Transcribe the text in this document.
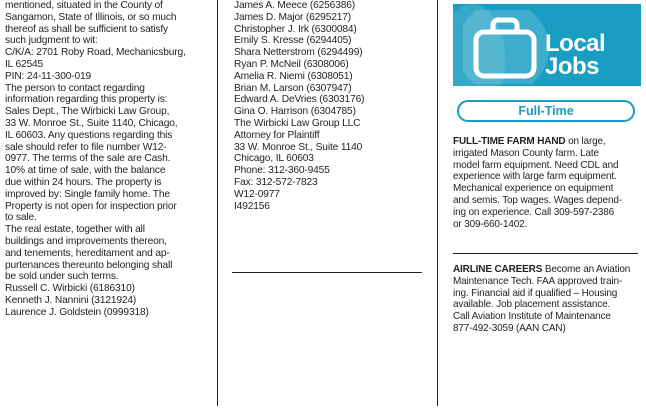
mentioned, situated in the County of
Sangamon, State of Illinois, or so much
thereof as shall be sufficient to satisfy
such judgment to wit:
C/K/A: 2701 Roby Road, Mechanicsburg,
IL 62545
PIN: 24-11-300-019
The person to contact regarding
information regarding this property is:
Sales Dept., The Wirbicki Law Group,
33 W. Monroe St., Suite 1140, Chicago,
IL 60603. Any questions regarding this
sale should refer to file number W12-
0977. The terms of the sale are Cash.
10% at time of sale, with the balance
due within 24 hours. The property is
improved by: Single family home. The
Property is not open for inspection prior
to sale.
The real estate, together with all
buildings and improvements thereon,
and tenements, hereditament and ap-
purtenances thereunto belonging shall
be sold under such terms.
Russell C. Wirbicki (6186310)
Kenneth J. Nannini (3121924)
Laurence J. Goldstein (0999318)
James A. Meece (6256386)
James D. Major (6295217)
Christopher J. Irk (6300084)
Emily S. Kresse (6294405)
Shara Netterstrom (6294499)
Ryan P. McNeil (6308006)
Amelia R. Niemi (6308051)
Brian M. Larson (6307947)
Edward A. DeVries (6303176)
Gina O. Harrison (6304785)
The Wirbicki Law Group LLC
Attorney for Plaintiff
33 W. Monroe St., Suite 1140
Chicago, IL 60603
Phone: 312-360-9455
Fax: 312-572-7823
W12-0977
I492156
Local
Jobs
Full-Time
FULL-TIME FARM HAND on large,
irrigated Mason County farm. Late
model farm equipment. Need CDL and
experience with large farm equipment.
Mechanical experience on equipment
and semis. Top wages. Wages depend-
ing on experience. Call 309-597-2386
or 309-660-1402.
AIRLINE CAREERS Become an Aviation
Maintenance Tech. FAA approved train-
ing. Financial aid if qualified – Housing
available. Job placement assistance.
Call Aviation Institute of Maintenance
877-492-3059 (AAN CAN)
